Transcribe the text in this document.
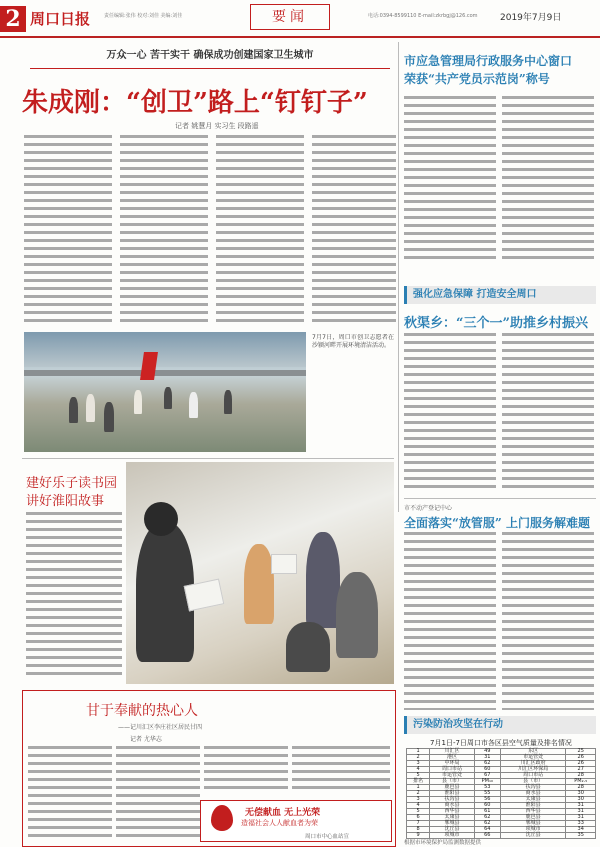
2 周口日报	责任编辑:张伟 校对:刘佳 美编:刘佳	要闻	电话:0394-8599110 E-mail:zkrbgj@126.com 2019年7月9日
万众一心 苦干实干 确保成功创建国家卫生城市
朱成刚：“创卫”路上“钉钉子”
记者 姚慧月 实习生 段路遥
7月7日，周口市创卫志愿者在沙颍河畔开展环境清洁活动。
市应急管理局行政服务中心窗口
荣获“共产党员示范岗”称号
强化应急保障 打造安全周口
秋渠乡：“三个一”助推乡村振兴
市不动产登记中心
全面落实“放管服” 上门服务解难题
建好乐子读书园
讲好淮阳故事
甘于奉献的热心人
——记川汇区李庄社区居民甘四
记者 尤华志
无偿献血 无上光荣
造福社会人人献血者为荣
周口市中心血站宣
污染防治攻坚在行动
7月1日-7日周口市各区县空气质量及排名情况
1	川汇区	49	东区	25
2	港区	31	市运管处	26
3	中环局	62	川汇区政府	26
4	周口市站	60	川汇区环保局	27
5	市运管处	67	周口市站	28
排名	县（市）	PM₁₀	县（市）	PM₂.₅
1	鹿邑县	53	扶沟县	28
2	淮阳县	55	商水县	30
3	扶沟县	56	太康县	30
4	商水县	60	淮阳县	31
5	西华县	61	西华县	31
6	太康县	62	鹿邑县	31
7	郸城县	62	郸城县	33
8	沈丘县	64	项城市	34
9	项城市	66	沈丘县	35
根据市环境保护局监测数据提供
